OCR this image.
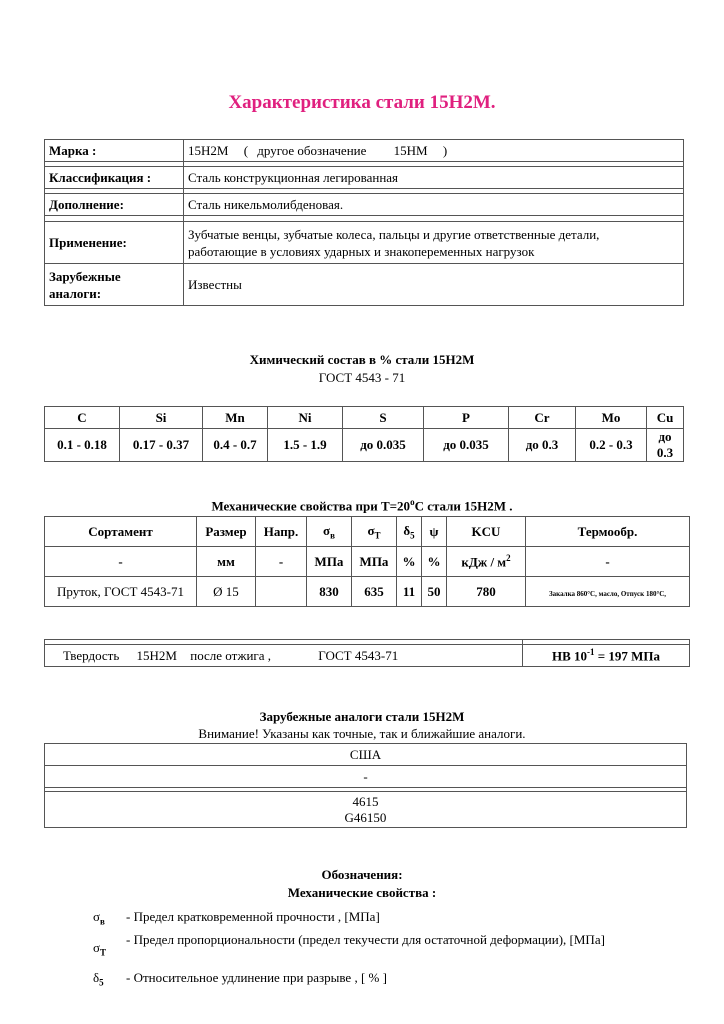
Характеристика стали 15Н2М.
Марка :	15Н2М ( другое обозначение 15НМ )

Классификация :	Сталь конструкционная легированная

Дополнение:	Сталь никельмолибденовая.

Применение:	Зубчатые венцы, зубчатые колеса, пальцы и другие ответственные детали,
работающие в условиях ударных и знакопеременных нагрузок

Зарубежные
аналоги:	Известны
Химический состав в % стали 15Н2М
ГОСТ 4543 - 71
C	Si	Mn	Ni	S	P	Cr	Mo	Cu
0.1 - 0.18	0.17 - 0.37	0.4 - 0.7	1.5 - 1.9	до 0.035	до 0.035	до 0.3	0.2 - 0.3	до 0.3
Механические свойства при $Т=20^oС$ стали 15Н2М .
Сортамент	Размер	Напр.	$\sigma_в$	$\sigma_T$	$\delta_5$	ψ	KCU	Термообр.
-	мм	-	МПа	МПа	%	%	кДж / $м^2$	-
Пруток, ГОСТ 4543-71	Ø 15		830	635	11	50	780	Закалка 860°С, масло, Отпуск 180°С,

Твердость 15Н2М после отжига , ГОСТ 4543-71	НВ $10^{-1} = 197$ МПа
Зарубежные аналоги стали 15Н2М
Внимание! Указаны как точные, так и ближайшие аналоги.
США
-

4615
G46150
Обозначения:
Механические свойства :
$\sigma_в$ - Предел кратковременной прочности , [МПа]
$\sigma_T$
- Предел пропорциональности (предел текучести для остаточной деформации), [МПа]
$\delta_5$ - Относительное удлинение при разрыве , [ % ]
